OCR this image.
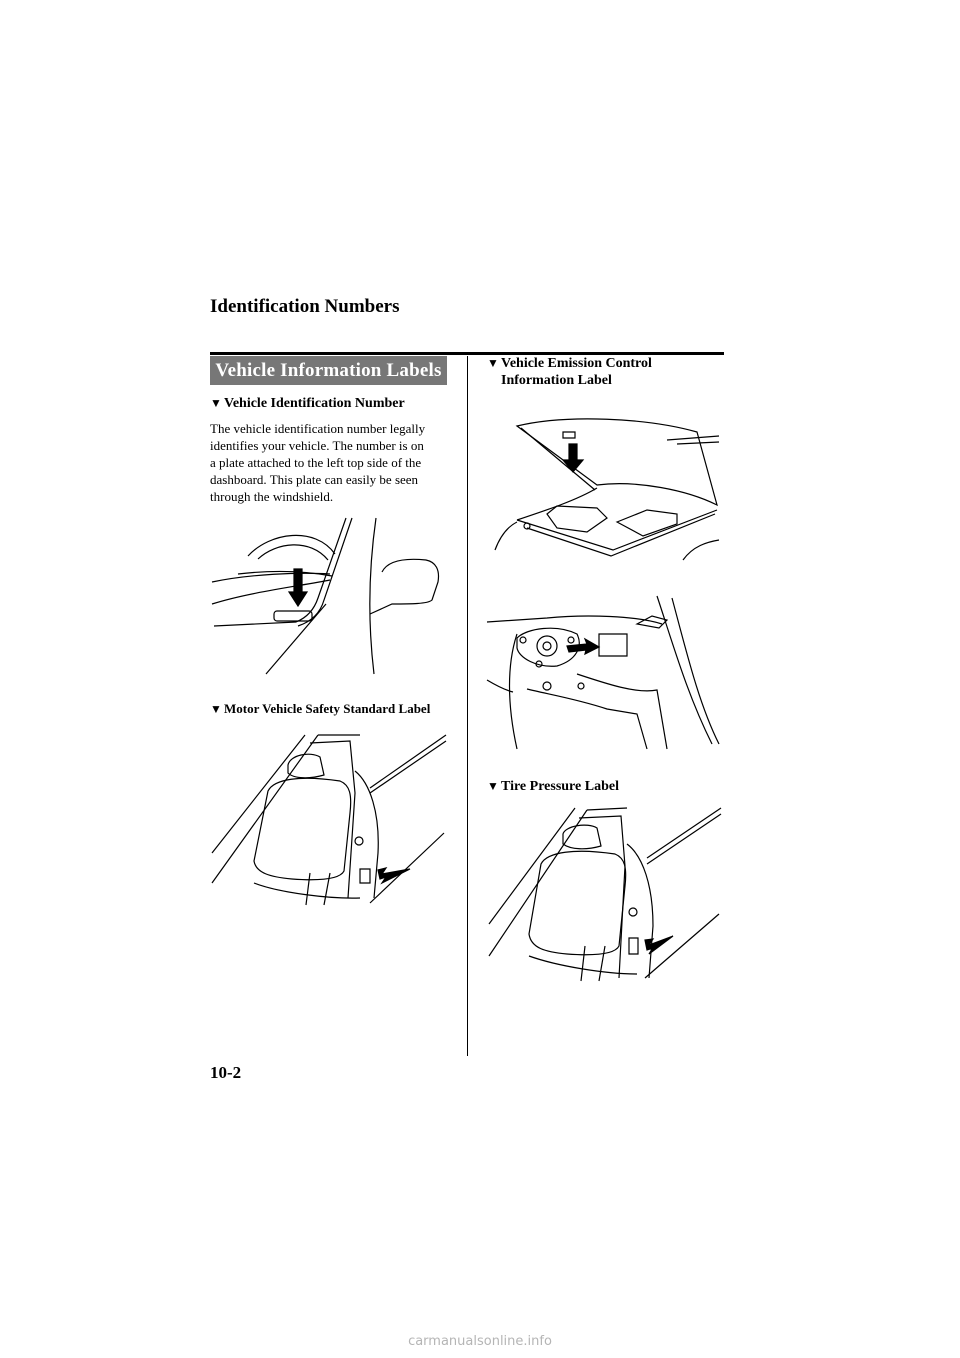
Identification Numbers
Vehicle Information Labels
▼ Vehicle Identification Number

The vehicle identification number legally

identifies your vehicle. The number is on

a plate attached to the left top side of the

dashboard. This plate can easily be seen

through the windshield.

▼ Motor Vehicle Safety Standard Label
▼ Vehicle Emission Control
Information Label
▼ Tire Pressure Label
10-2
carmanualsonline.info
